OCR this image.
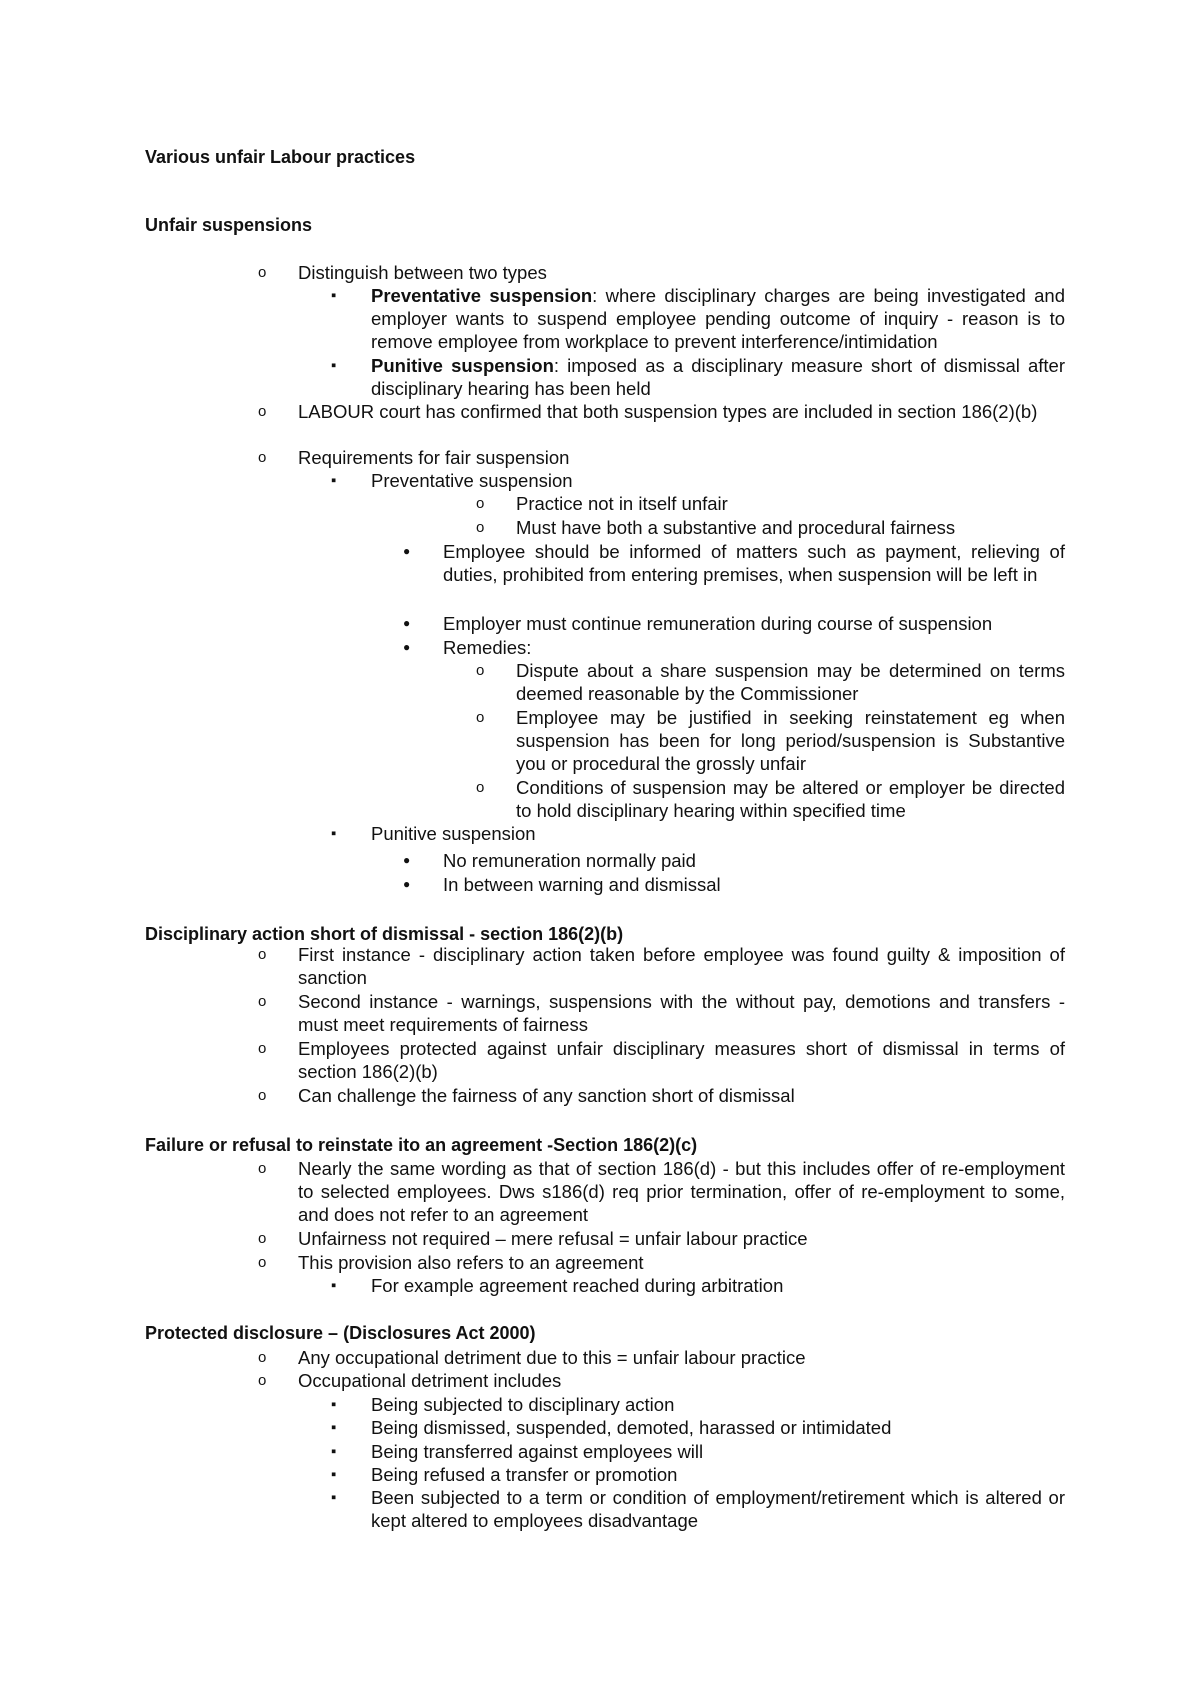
Various unfair Labour practices

Unfair suspensions

o	Distinguish between two types
▪	Preventative suspension: where disciplinary charges are being investigated and employer wants to suspend employee pending outcome of inquiry - reason is to remove employee from workplace to prevent interference/intimidation
▪	Punitive suspension: imposed as a disciplinary measure short of dismissal after disciplinary hearing has been held
o	LABOUR court has confirmed that both suspension types are included in section 186(2)(b)
o	Requirements for fair suspension
▪	Preventative suspension
o	Practice not in itself unfair
o	Must have both a substantive and procedural fairness
●	Employee should be informed of matters such as payment, relieving of duties, prohibited from entering premises, when suspension will be left in
●	Employer must continue remuneration during course of suspension
●	Remedies:
o	Dispute about a share suspension may be determined on terms deemed reasonable by the Commissioner
o	Employee may be justified in seeking reinstatement eg when suspension has been for long period/suspension is Substantive you or procedural the grossly unfair
o	Conditions of suspension may be altered or employer be directed to hold disciplinary hearing within specified time
▪	Punitive suspension
●	No remuneration normally paid
●	In between warning and dismissal

Disciplinary action short of dismissal - section 186(2)(b)

o	First instance - disciplinary action taken before employee was found guilty & imposition of sanction
o	Second instance - warnings, suspensions with the without pay, demotions and transfers - must meet requirements of fairness
o	Employees protected against unfair disciplinary measures short of dismissal in terms of section 186(2)(b)
o	Can challenge the fairness of any sanction short of dismissal

Failure or refusal to reinstate ito an agreement -Section 186(2)(c)

o	Nearly the same wording as that of section 186(d) - but this includes offer of re-employment to selected employees. Dws s186(d) req prior termination, offer of re-employment to some, and does not refer to an agreement
o	Unfairness not required – mere refusal = unfair labour practice
o	This provision also refers to an agreement
▪	For example agreement reached during arbitration

Protected disclosure – (Disclosures Act 2000)

o	Any occupational detriment due to this = unfair labour practice
o	Occupational detriment includes
▪	Being subjected to disciplinary action
▪	Being dismissed, suspended, demoted, harassed or intimidated
▪	Being transferred against employees will
▪	Being refused a transfer or promotion
▪	Been subjected to a term or condition of employment/retirement which is altered or kept altered to employees disadvantage
